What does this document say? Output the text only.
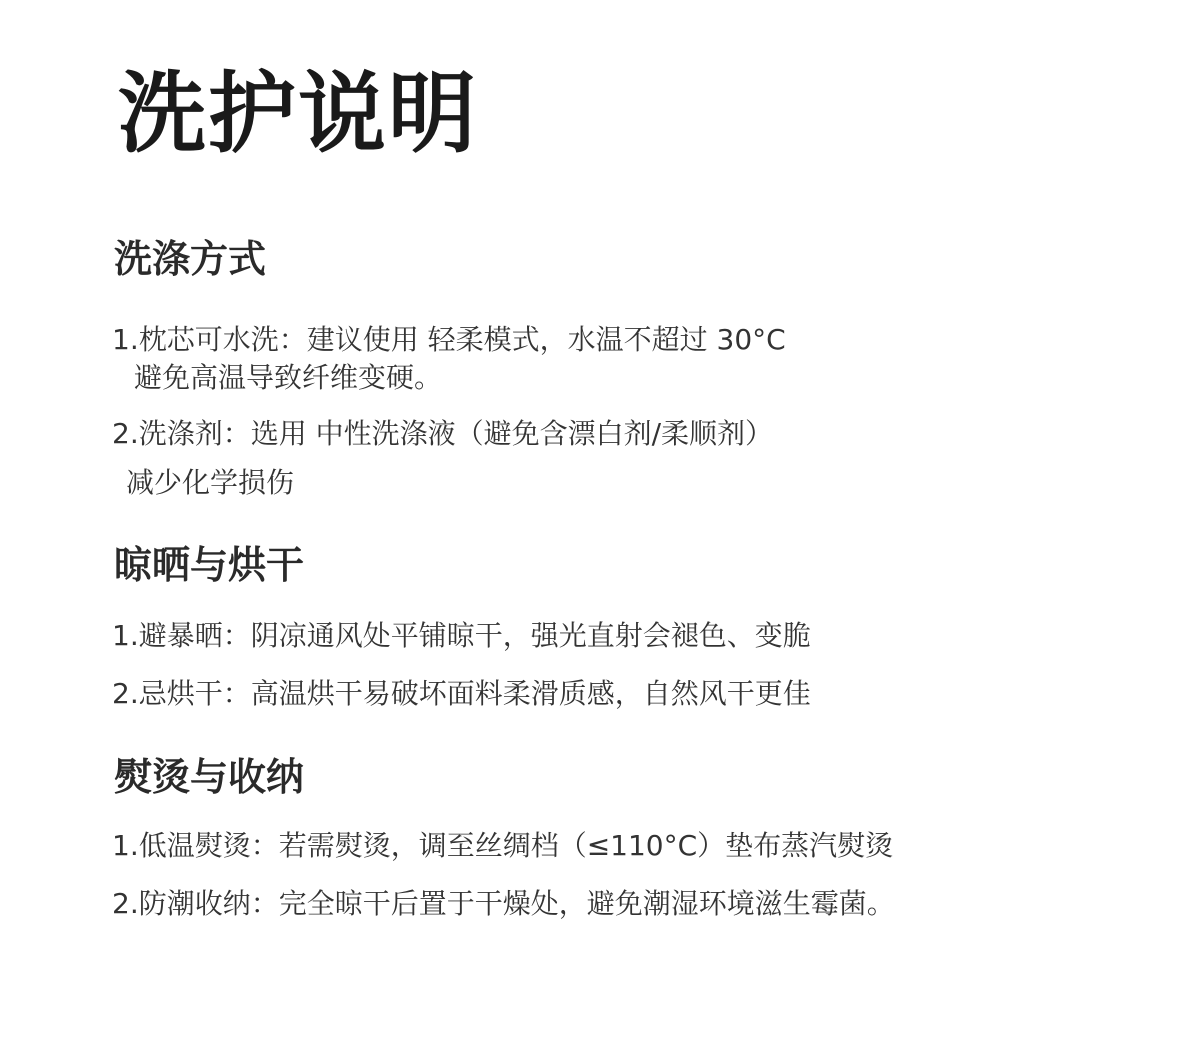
洗护说明
洗涤方式

1.枕芯可水洗：建议使用 轻柔模式，水温不超过 30°C

避免高温导致纤维变硬。

2.洗涤剂：选用 中性洗涤液（避免含漂白剂/柔顺剂）

减少化学损伤

晾晒与烘干

1.避暴晒：阴凉通风处平铺晾干，强光直射会褪色、变脆

2.忌烘干：高温烘干易破坏面料柔滑质感，自然风干更佳

熨烫与收纳

1.低温熨烫：若需熨烫，调至丝绸档（≤110°C）垫布蒸汽熨烫

2.防潮收纳：完全晾干后置于干燥处，避免潮湿环境滋生霉菌。
